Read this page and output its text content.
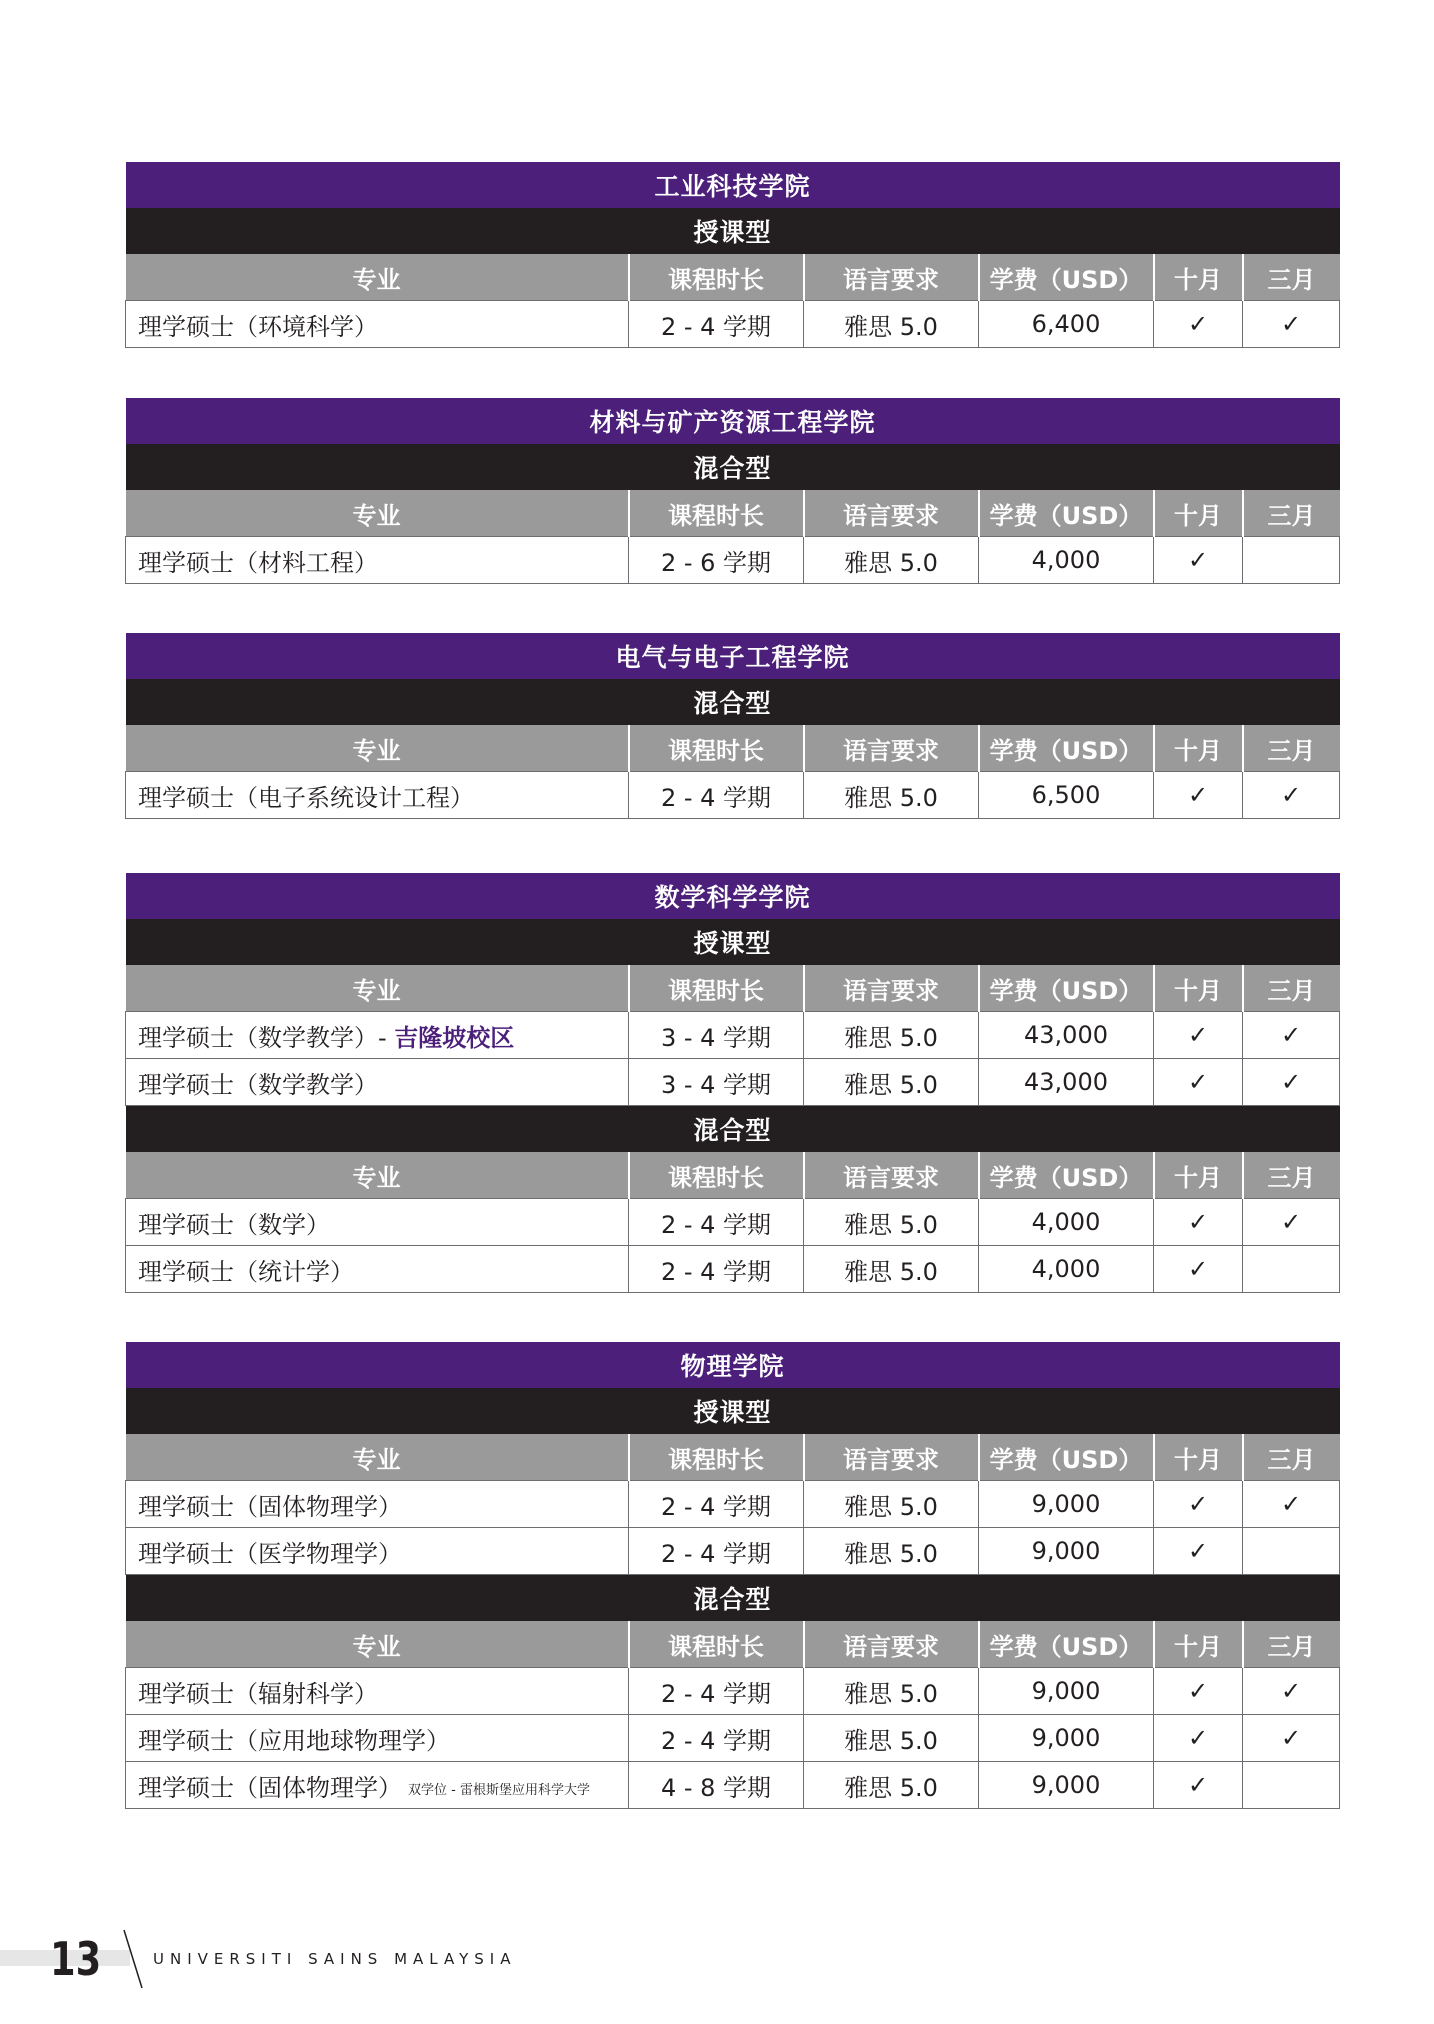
工业科技学院					
授课型					
专业	课程时长	语言要求	学费（USD）	十月	三月
理学硕士（环境科学）	2 - 4 学期	雅思 5.0	6,400	✓	✓
材料与矿产资源工程学院					
混合型					
专业	课程时长	语言要求	学费（USD）	十月	三月
理学硕士（材料工程）	2 - 6 学期	雅思 5.0	4,000	✓	
电气与电子工程学院					
混合型					
专业	课程时长	语言要求	学费（USD）	十月	三月
理学硕士（电子系统设计工程）	2 - 4 学期	雅思 5.0	6,500	✓	✓
数学科学学院					
授课型					
专业	课程时长	语言要求	学费（USD）	十月	三月
理学硕士（数学教学）- 吉隆坡校区	3 - 4 学期	雅思 5.0	43,000	✓	✓
理学硕士（数学教学）	3 - 4 学期	雅思 5.0	43,000	✓	✓
混合型					
专业	课程时长	语言要求	学费（USD）	十月	三月
理学硕士（数学）	2 - 4 学期	雅思 5.0	4,000	✓	✓
理学硕士（统计学）	2 - 4 学期	雅思 5.0	4,000	✓	
物理学院					
授课型					
专业	课程时长	语言要求	学费（USD）	十月	三月
理学硕士（固体物理学）	2 - 4 学期	雅思 5.0	9,000	✓	✓
理学硕士（医学物理学）	2 - 4 学期	雅思 5.0	9,000	✓	
混合型					
专业	课程时长	语言要求	学费（USD）	十月	三月
理学硕士（辐射科学）	2 - 4 学期	雅思 5.0	9,000	✓	✓
理学硕士（应用地球物理学）	2 - 4 学期	雅思 5.0	9,000	✓	✓
理学硕士（固体物理学） 双学位 - 雷根斯堡应用科学大学	4 - 8 学期	雅思 5.0	9,000	✓	
13	UNIVERSITI SAINS MALAYSIA
